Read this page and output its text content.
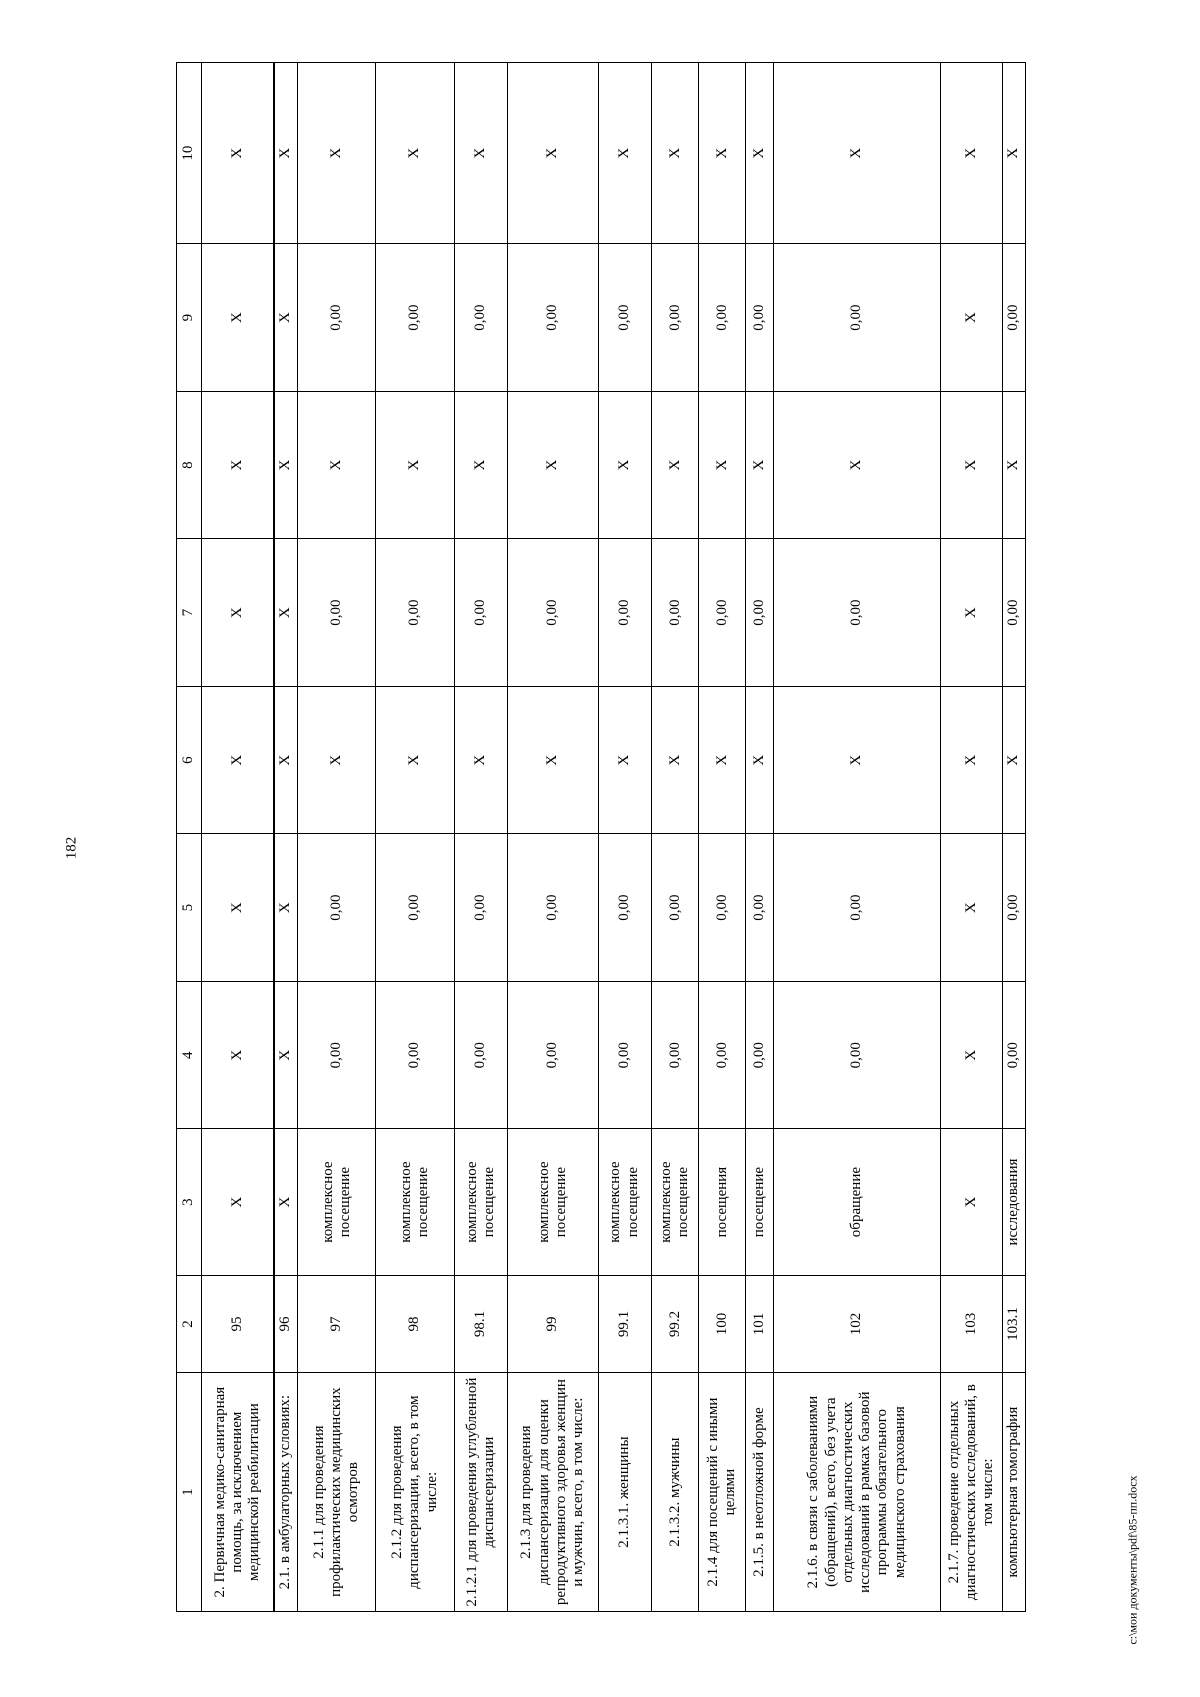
182
1	2	3	4	5	6	7	8	9	10
2. Первичная медико-санитарная помощь, за исключением медицинской реабилитации	95	X	X	X	X	X	X	X	X
2.1. в амбулаторных условиях:	96	X	X	X	X	X	X	X	X
2.1.1 для проведения профилактических медицинских осмотров	97	комплексное посещение	0,00	0,00	X	0,00	X	0,00	X
2.1.2 для проведения диспансеризации, всего, в том числе:	98	комплексное посещение	0,00	0,00	X	0,00	X	0,00	X
2.1.2.1 для проведения углубленной диспансеризации	98.1	комплексное посещение	0,00	0,00	X	0,00	X	0,00	X
2.1.3 для проведения диспансеризации для оценки репродуктивного здоровья женщин и мужчин, всего, в том числе:	99	комплексное посещение	0,00	0,00	X	0,00	X	0,00	X
2.1.3.1. женщины	99.1	комплексное посещение	0,00	0,00	X	0,00	X	0,00	X
2.1.3.2. мужчины	99.2	комплексное посещение	0,00	0,00	X	0,00	X	0,00	X
2.1.4 для посещений с иными целями	100	посещения	0,00	0,00	X	0,00	X	0,00	X
2.1.5. в неотложной форме	101	посещение	0,00	0,00	X	0,00	X	0,00	X
2.1.6. в связи с заболеваниями (обращений), всего, без учета отдельных диагностических исследований в рамках базовой программы обязательного медицинского страхования	102	обращение	0,00	0,00	X	0,00	X	0,00	X
2.1.7. проведение отдельных диагностических исследований, в том числе:	103	X	X	X	X	X	X	X	X
компьютерная томография	103.1	исследования	0,00	0,00	X	0,00	X	0,00	X
c:\мои документы\pdf\85-пп.docx
